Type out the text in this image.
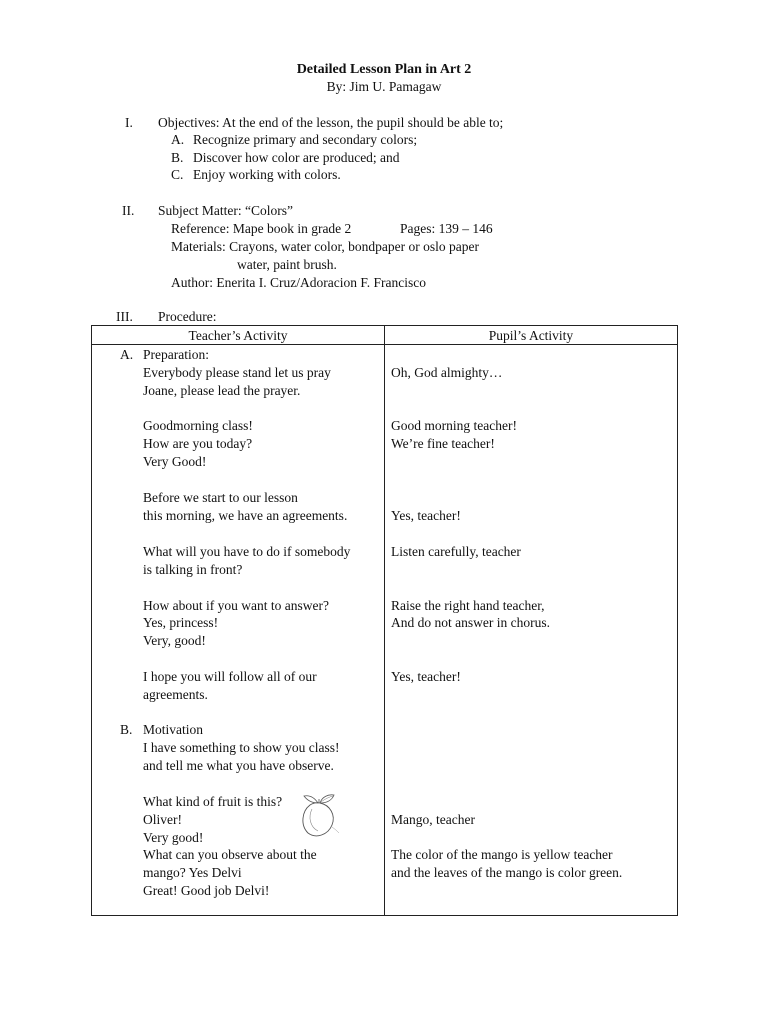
Detailed Lesson Plan in Art 2
By: Jim U. Pamagaw
I. Objectives: At the end of the lesson, the pupil should be able to;
A. Recognize primary and secondary colors;
B. Discover how color are produced; and
C. Enjoy working with colors.
II. Subject Matter: “Colors”
Reference: Mape book in grade 2	Pages: 139 – 146
Materials: Crayons, water color, bondpaper or oslo paper
water, paint brush.
Author: Enerita I. Cruz/Adoracion F. Francisco
III. Procedure:
Teacher’s Activity	Pupil’s Activity
A. Preparation:
Everybody please stand let us pray
Joane, please lead the prayer.
Goodmorning class!
How are you today?
Very Good!
Before we start to our lesson
this morning, we have an agreements.
What will you have to do if somebody
is talking in front?
How about if you want to answer?
Yes, princess!
Very, good!
I hope you will follow all of our
agreements.
B. Motivation
I have something to show you class!
and tell me what you have observe.
What kind of fruit is this?
Oliver!
Very good!
What can you observe about the
mango? Yes Delvi
Great! Good job Delvi!
Oh, God almighty…
Good morning teacher!
We’re fine teacher!
Yes, teacher!
Listen carefully, teacher
Raise the right hand teacher,
And do not answer in chorus.
Yes, teacher!
Mango, teacher
The color of the mango is yellow teacher
and the leaves of the mango is color green.
